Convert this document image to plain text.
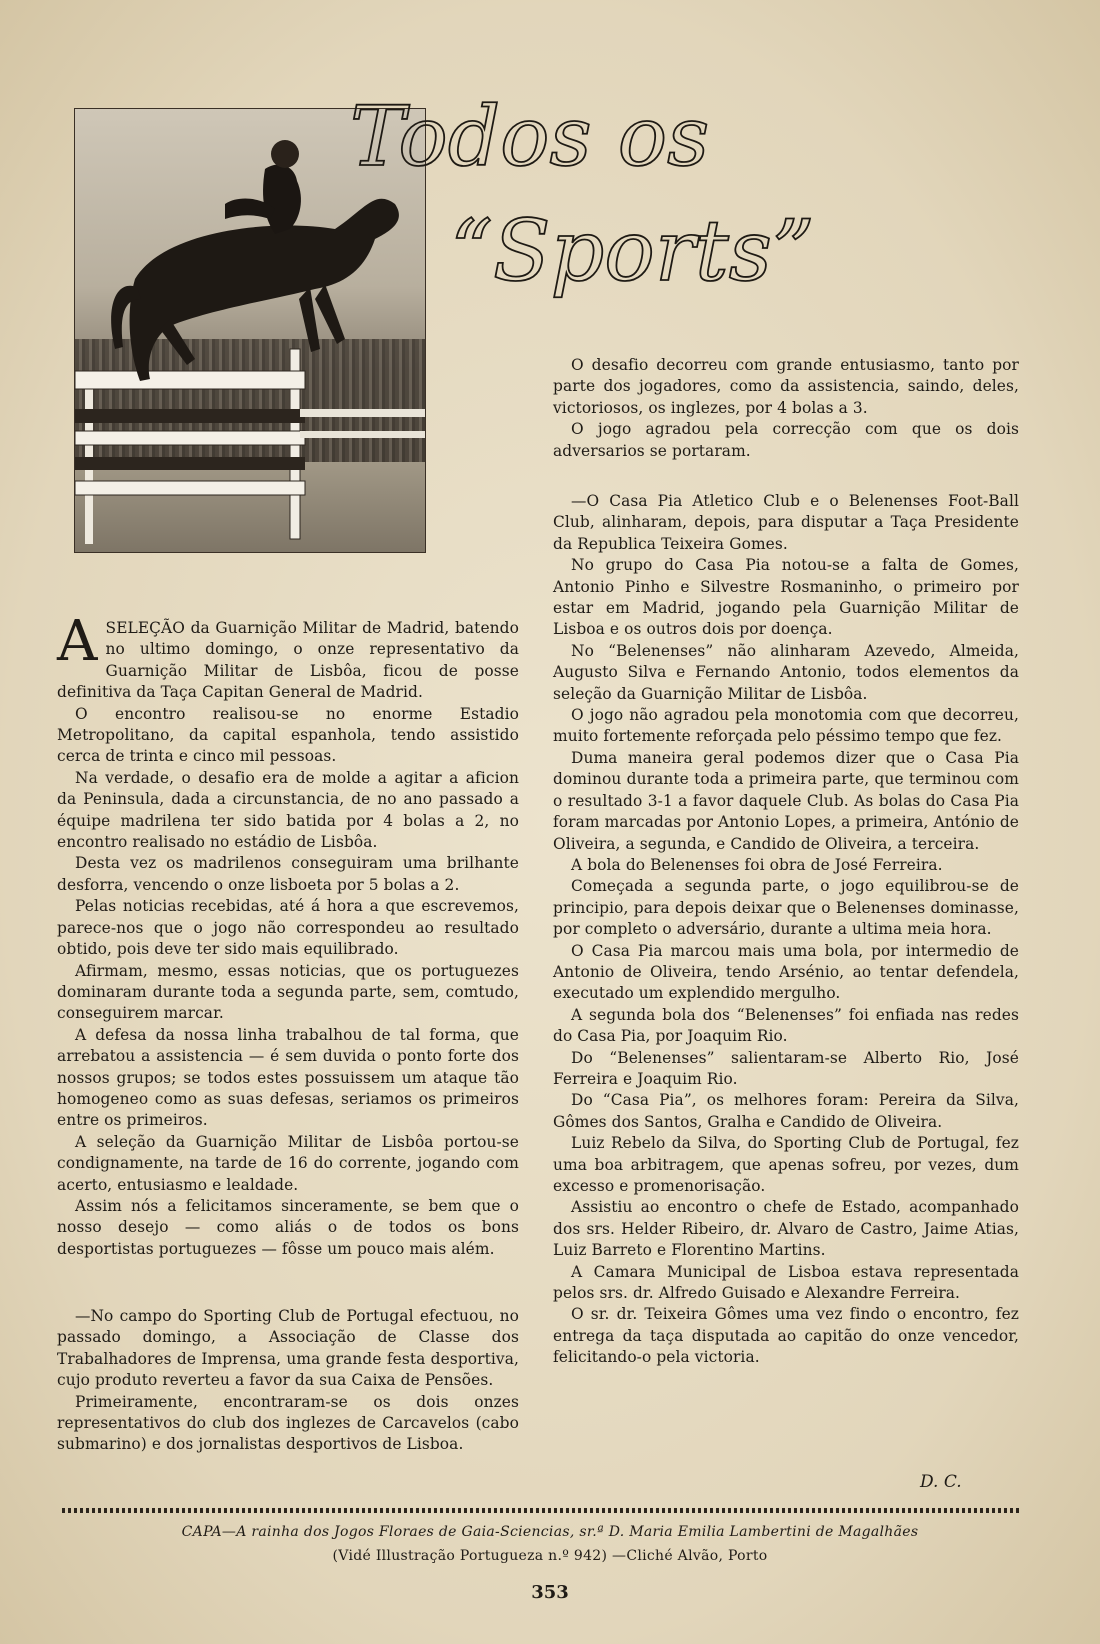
Todos os
“Sports”

O desafio decorreu com grande entusiasmo, tanto por parte dos jogadores, como da assistencia, saindo, deles, victoriosos, os inglezes, por 4 bolas a 3.

O jogo agradou pela correcção com que os dois adversarios se portaram.

—O Casa Pia Atletico Club e o Belenenses Foot-Ball Club, alinharam, depois, para disputar a Taça Presidente da Republica Teixeira Gomes.

No grupo do Casa Pia notou-se a falta de Gomes, Antonio Pinho e Silvestre Rosmaninho, o primeiro por estar em Madrid, jogando pela Guarnição Militar de Lisboa e os outros dois por doença.

No “Belenenses” não alinharam Azevedo, Almeida, Augusto Silva e Fernando Antonio, todos elementos da seleção da Guarnição Militar de Lisbôa.

O jogo não agradou pela monotomia com que decorreu, muito fortemente reforçada pelo péssimo tempo que fez.

Duma maneira geral podemos dizer que o Casa Pia dominou durante toda a primeira parte, que terminou com o resultado 3-1 a favor daquele Club. As bolas do Casa Pia foram marcadas por Antonio Lopes, a primeira, António de Oliveira, a segunda, e Candido de Oliveira, a terceira.

A bola do Belenenses foi obra de José Ferreira.

Começada a segunda parte, o jogo equilibrou-se de principio, para depois deixar que o Belenenses dominasse, por completo o adversário, durante a ultima meia hora.

O Casa Pia marcou mais uma bola, por intermedio de Antonio de Oliveira, tendo Arsénio, ao tentar defendela, executado um explendido mergulho.

A segunda bola dos “Belenenses” foi enfiada nas redes do Casa Pia, por Joaquim Rio.

Do “Belenenses” salientaram-se Alberto Rio, José Ferreira e Joaquim Rio.

Do “Casa Pia”, os melhores foram: Pereira da Silva, Gômes dos Santos, Gralha e Candido de Oliveira.

Luiz Rebelo da Silva, do Sporting Club de Portugal, fez uma boa arbitragem, que apenas sofreu, por vezes, dum excesso e promenorisação.

Assistiu ao encontro o chefe de Estado, acompanhado dos srs. Helder Ribeiro, dr. Alvaro de Castro, Jaime Atias, Luiz Barreto e Florentino Martins.

A Camara Municipal de Lisboa estava representada pelos srs. dr. Alfredo Guisado e Alexandre Ferreira.

O sr. dr. Teixeira Gômes uma vez findo o encontro, fez entrega da taça disputada ao capitão do onze vencedor, felicitando-o pela victoria.

D. C.
A SELEÇÃO da Guarnição Militar de Madrid, batendo no ultimo domingo, o onze representativo da Guarnição Militar de Lisbôa, ficou de posse definitiva da Taça Capitan General de Madrid.

O encontro realisou-se no enorme Estadio Metropolitano, da capital espanhola, tendo assistido cerca de trinta e cinco mil pessoas.

Na verdade, o desafio era de molde a agitar a aficion da Peninsula, dada a circunstancia, de no ano passado a équipe madrilena ter sido batida por 4 bolas a 2, no encontro realisado no estádio de Lisbôa.

Desta vez os madrilenos conseguiram uma brilhante desforra, vencendo o onze lisboeta por 5 bolas a 2.

Pelas noticias recebidas, até á hora a que escrevemos, parece-nos que o jogo não correspondeu ao resultado obtido, pois deve ter sido mais equilibrado.

Afirmam, mesmo, essas noticias, que os portuguezes dominaram durante toda a segunda parte, sem, comtudo, conseguirem marcar.

A defesa da nossa linha trabalhou de tal forma, que arrebatou a assistencia — é sem duvida o ponto forte dos nossos grupos; se todos estes possuissem um ataque tão homogeneo como as suas defesas, seriamos os primeiros entre os primeiros.

A seleção da Guarnição Militar de Lisbôa portou-se condignamente, na tarde de 16 do corrente, jogando com acerto, entusiasmo e lealdade.

Assim nós a felicitamos sinceramente, se bem que o nosso desejo — como aliás o de todos os bons desportistas portuguezes — fôsse um pouco mais além.

—No campo do Sporting Club de Portugal efectuou, no passado domingo, a Associação de Classe dos Trabalhadores de Imprensa, uma grande festa desportiva, cujo produto reverteu a favor da sua Caixa de Pensões.

Primeiramente, encontraram-se os dois onzes representativos do club dos inglezes de Carcavelos (cabo submarino) e dos jornalistas desportivos de Lisboa.

CAPA—A rainha dos Jogos Floraes de Gaia-Sciencias, sr.ª D. Maria Emilia Lambertini de Magalhães
(Vidé Illustração Portugueza n.º 942) —Cliché Alvão, Porto
353
